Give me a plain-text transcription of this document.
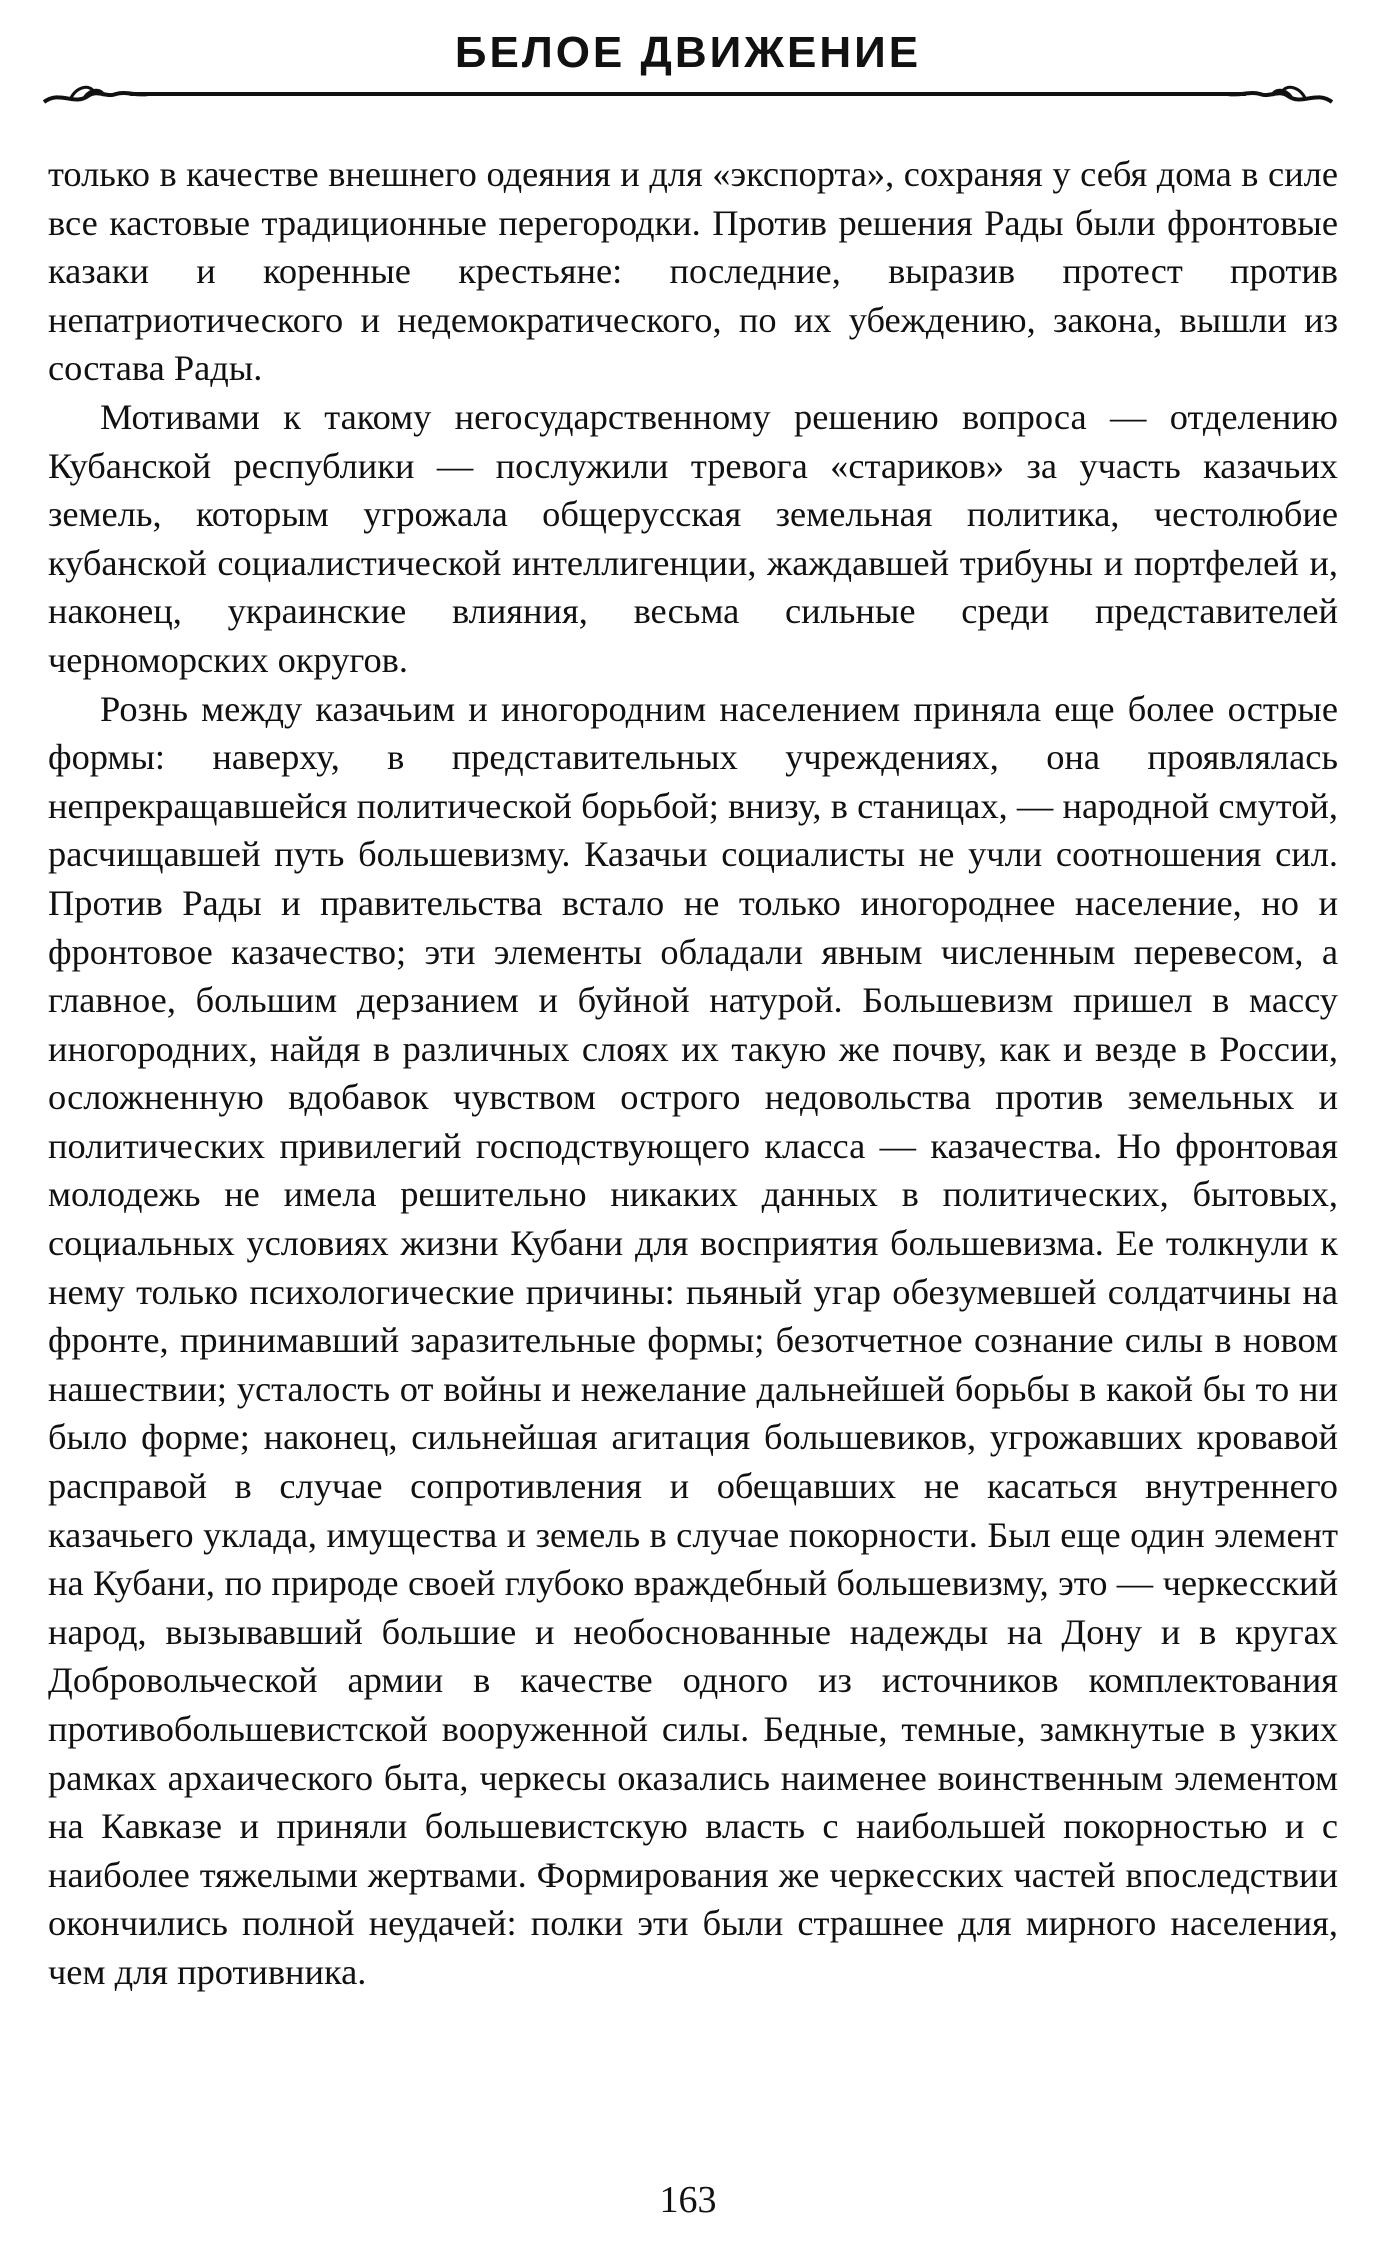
БЕЛОЕ ДВИЖЕНИЕ

только в качестве внешнего одеяния и для «экспорта», сохраняя у себя дома в силе все кастовые традиционные перегородки. Против решения Рады были фронтовые казаки и коренные крестьяне: последние, выразив протест против непатриотического и недемократического, по их убеждению, закона, вышли из состава Рады.

Мотивами к такому негосударственному решению вопроса — отделению Кубанской республики — послужили тревога «стариков» за участь казачьих земель, которым угрожала общерусская земельная политика, честолюбие кубанской социалистической интеллигенции, жаждавшей трибуны и портфелей и, наконец, украинские влияния, весьма сильные среди представителей черноморских округов.

Рознь между казачьим и иногородним населением приняла еще более острые формы: наверху, в представительных учреждениях, она проявлялась непрекращавшейся политической борьбой; внизу, в станицах, — народной смутой, расчищавшей путь большевизму. Казачьи социалисты не учли соотношения сил. Против Рады и правительства встало не только иногороднее население, но и фронтовое казачество; эти элементы обладали явным численным перевесом, а главное, большим дерзанием и буйной натурой. Большевизм пришел в массу иногородних, найдя в различных слоях их такую же почву, как и везде в России, осложненную вдобавок чувством острого недовольства против земельных и политических привилегий господствующего класса — казачества. Но фронтовая молодежь не имела решительно никаких данных в политических, бытовых, социальных условиях жизни Кубани для восприятия большевизма. Ее толкнули к нему только психологические причины: пьяный угар обезумевшей солдатчины на фронте, принимавший заразительные формы; безотчетное сознание силы в новом нашествии; усталость от войны и нежелание дальнейшей борьбы в какой бы то ни было форме; наконец, сильнейшая агитация большевиков, угрожавших кровавой расправой в случае сопротивления и обещавших не касаться внутреннего казачьего уклада, имущества и земель в случае покорности. Был еще один элемент на Кубани, по природе своей глубоко враждебный большевизму, это — черкесский народ, вызывавший большие и необоснованные надежды на Дону и в кругах Добровольческой армии в качестве одного из источников комплектования противобольшевистской вооруженной силы. Бедные, темные, замкнутые в узких рамках архаического быта, черкесы оказались наименее воинственным элементом на Кавказе и приняли большевистскую власть с наибольшей покорностью и с наиболее тяжелыми жертвами. Формирования же черкесских частей впоследствии окончились полной неудачей: полки эти были страшнее для мирного населения, чем для противника.

163
